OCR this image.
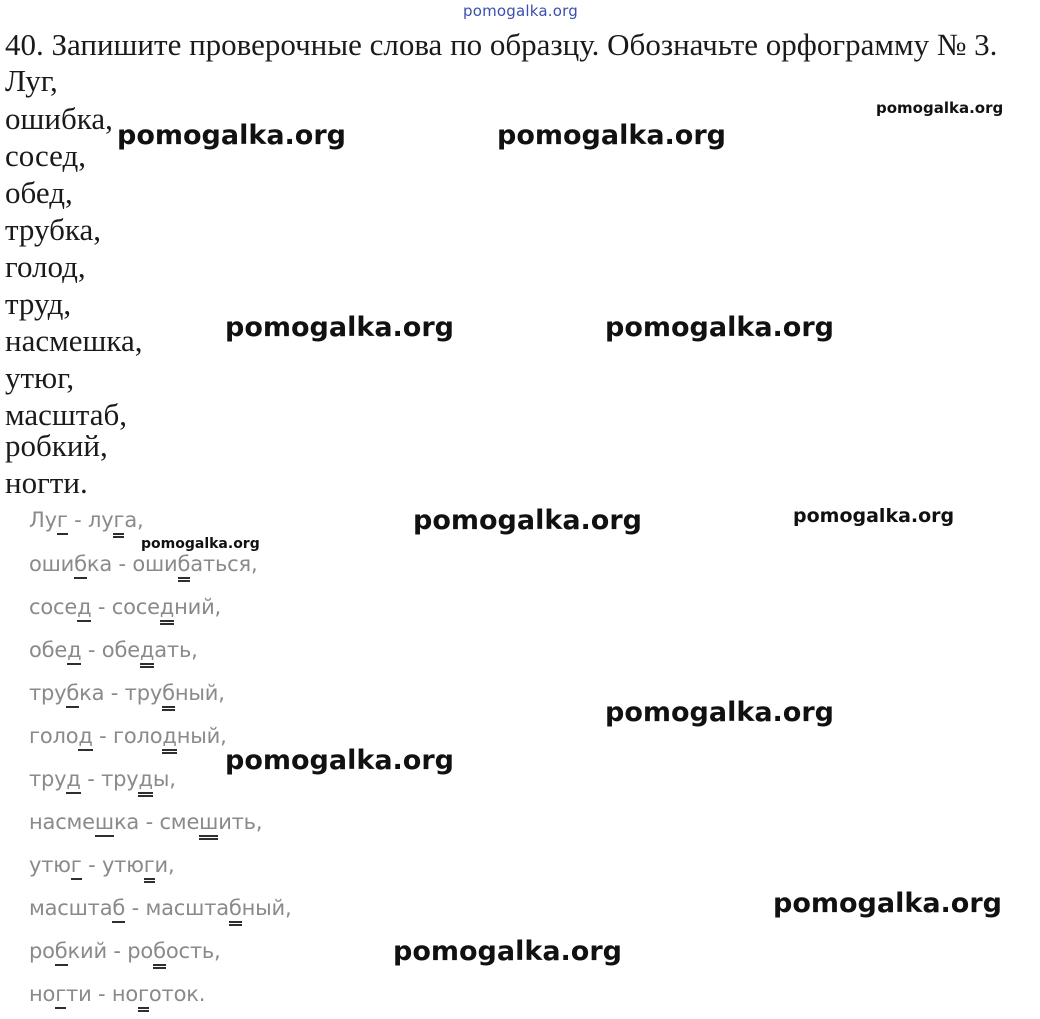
pomogalka.org
40. Запишите проверочные слова по образцу. Обозначьте орфограмму № 3.
Луг,
ошибка,
сосед,
обед,
трубка,
голод,
труд,
насмешка,
утюг,
масштаб,
робкий,
ногти.
Луг - луга,
ошибка - ошибаться,
сосед - соседний,
обед - обедать,
трубка - трубный,
голод - голодный,
труд - труды,
насмешка - смешить,
утюг - утюги,
масштаб - масштабный,
робкий - робость,
ногти - ноготок.
pomogalka.org	pomogalka.org
pomogalka.org
pomogalka.org	pomogalka.org
pomogalka.org	pomogalka.org
pomogalka.org
pomogalka.org
pomogalka.org
pomogalka.org
pomogalka.org
